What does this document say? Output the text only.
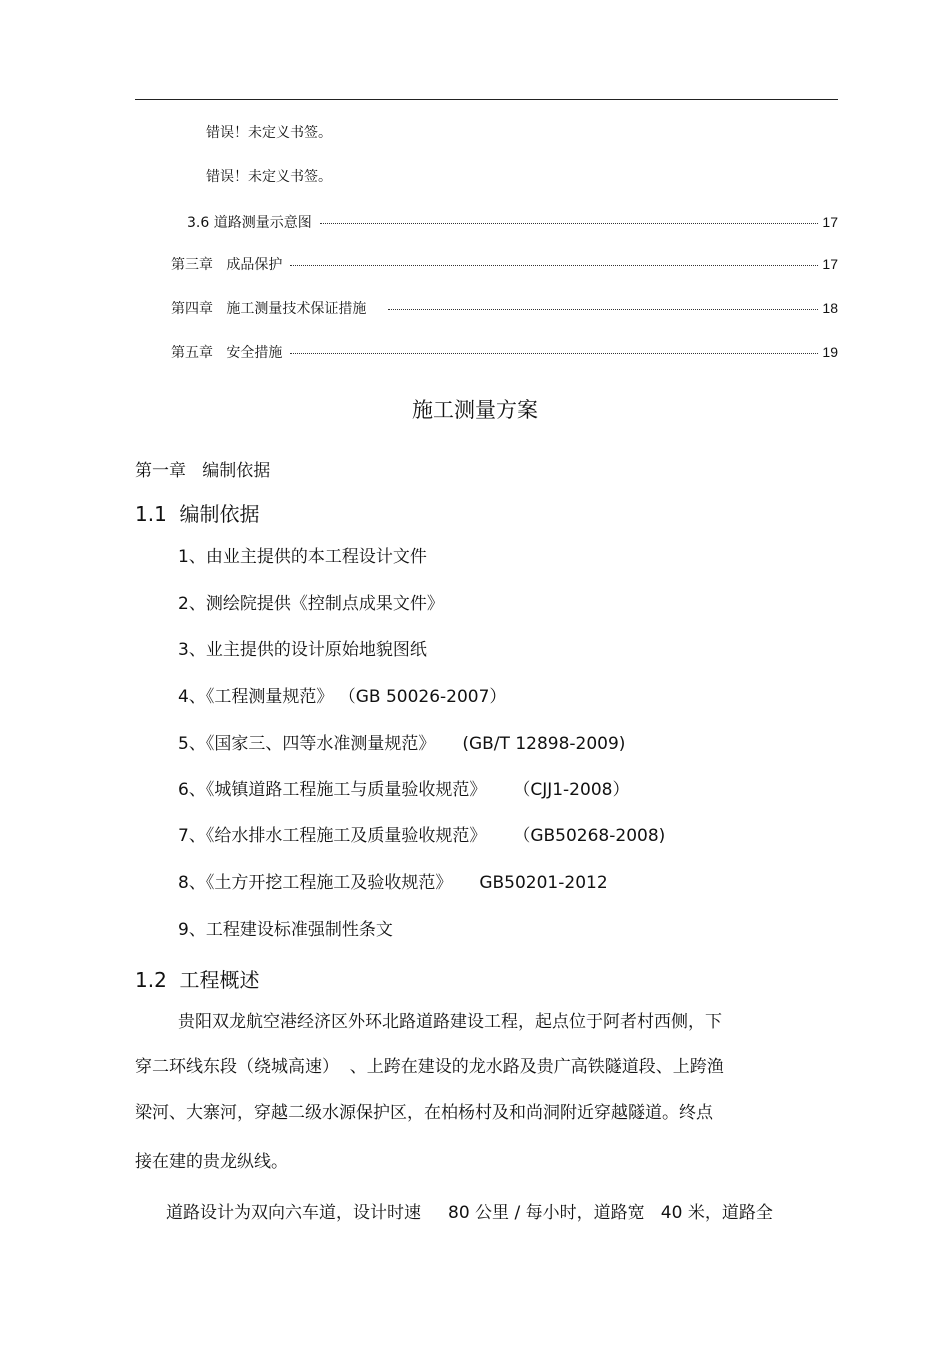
错误！未定义书签。
错误！未定义书签。
3.6 道路测量示意图	17
第三章   成品保护	17
第四章   施工测量技术保证措施	18
第五章   安全措施	19
施工测量方案
第一章   编制依据
1.1  编制依据
1、由业主提供的本工程设计文件
2、测绘院提供《控制点成果文件》
3、业主提供的设计原始地貌图纸
4、《工程测量规范》 （GB 50026-2007）
5、《国家三、四等水准测量规范》     (GB/T 12898-2009)
6、《城镇道路工程施工与质量验收规范》     （CJJ1-2008）
7、《给水排水工程施工及质量验收规范》     （GB50268-2008)
8、《土方开挖工程施工及验收规范》     GB50201-2012
9、工程建设标准强制性条文
1.2  工程概述
贵阳双龙航空港经济区外环北路道路建设工程，起点位于阿者村西侧，下
穿二环线东段（绕城高速）  、上跨在建设的龙水路及贵广高铁隧道段、上跨渔
梁河、大寨河，穿越二级水源保护区，在柏杨村及和尚洞附近穿越隧道。终点
接在建的贵龙纵线。
道路设计为双向六车道，设计时速     80 公里 / 每小时，道路宽   40 米，道路全
